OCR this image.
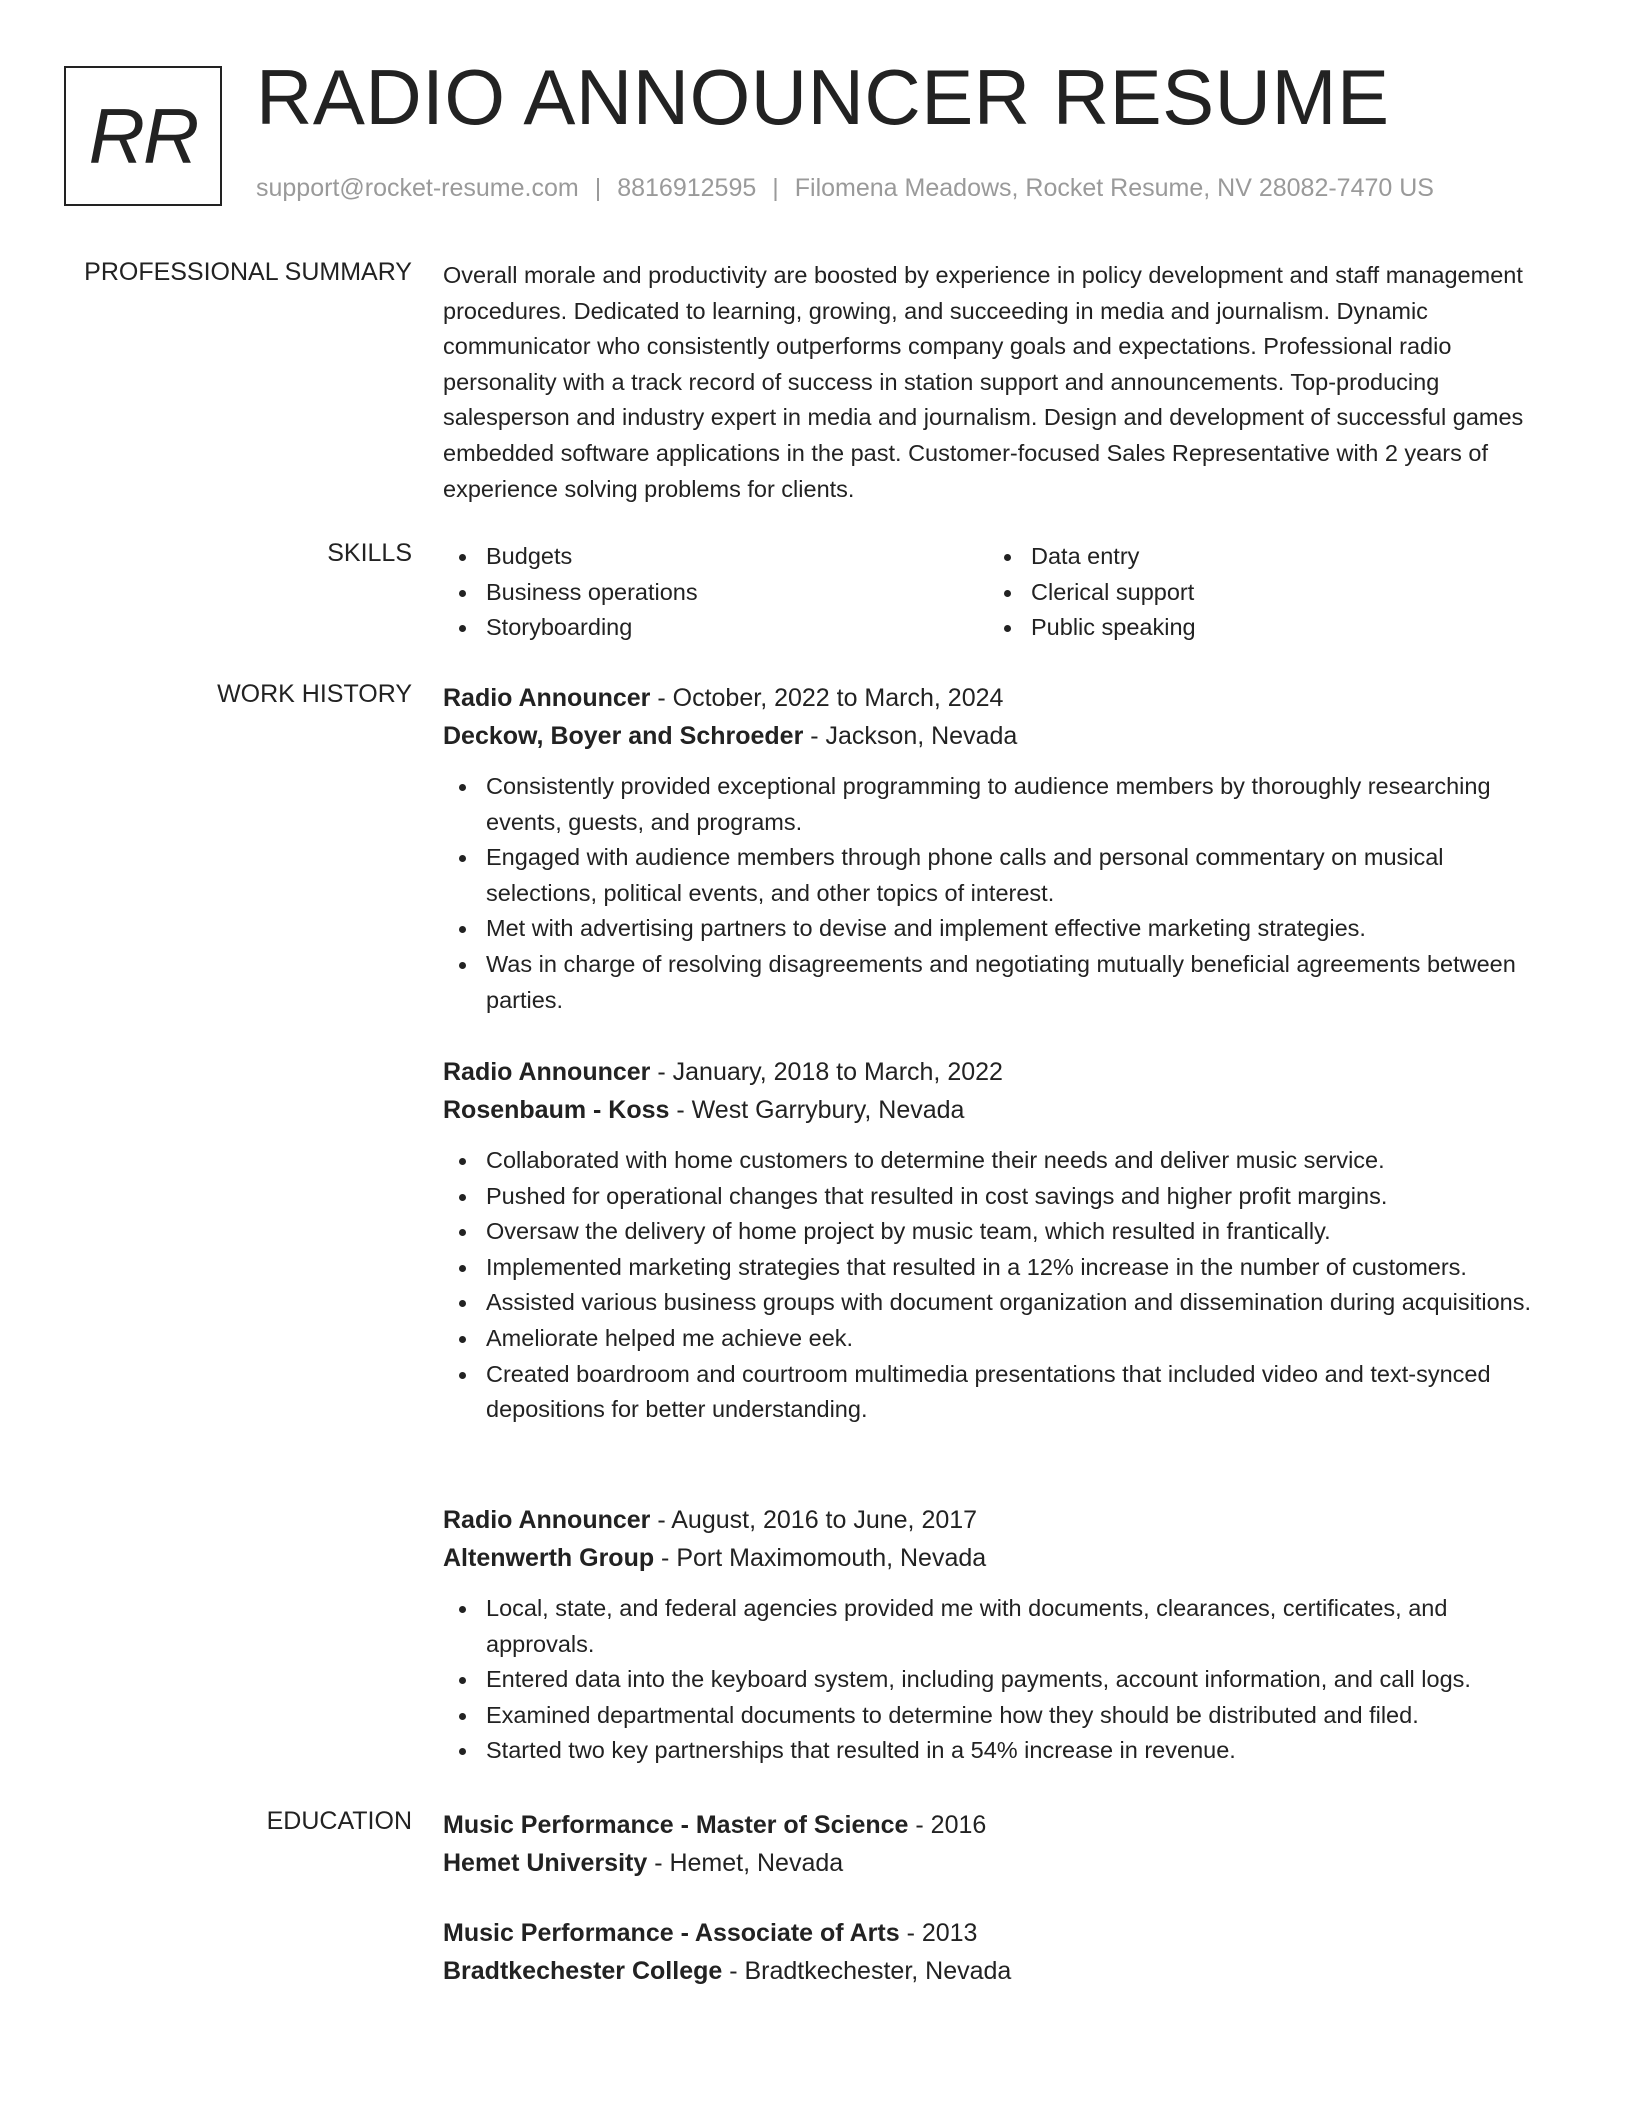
RR RADIO ANNOUNCER RESUME
support@rocket-resume.com | 8816912595 | Filomena Meadows, Rocket Resume, NV 28082-7470 US
PROFESSIONAL SUMMARY Overall morale and productivity are boosted by experience in policy development and staff management procedures. Dedicated to learning, growing, and succeeding in media and journalism. Dynamic communicator who consistently outperforms company goals and expectations. Professional radio personality with a track record of success in station support and announcements. Top-producing salesperson and industry expert in media and journalism. Design and development of successful games embedded software applications in the past. Customer-focused Sales Representative with 2 years of experience solving problems for clients.

SKILLS	Budgets	Data entry
Business operations	Clerical support
Storyboarding	Public speaking
WORK HISTORY Radio Announcer - October, 2022 to March, 2024
Deckow, Boyer and Schroeder - Jackson, Nevada
Consistently provided exceptional programming to audience members by thoroughly researching events, guests, and programs.
Engaged with audience members through phone calls and personal commentary on musical selections, political events, and other topics of interest.
Met with advertising partners to devise and implement effective marketing strategies.
Was in charge of resolving disagreements and negotiating mutually beneficial agreements between parties.
Radio Announcer - January, 2018 to March, 2022
Rosenbaum - Koss - West Garrybury, Nevada
Collaborated with home customers to determine their needs and deliver music service.
Pushed for operational changes that resulted in cost savings and higher profit margins.
Oversaw the delivery of home project by music team, which resulted in frantically.
Implemented marketing strategies that resulted in a 12% increase in the number of customers.
Assisted various business groups with document organization and dissemination during acquisitions.
Ameliorate helped me achieve eek.
Created boardroom and courtroom multimedia presentations that included video and text-synced depositions for better understanding.
Radio Announcer - August, 2016 to June, 2017
Altenwerth Group - Port Maximomouth, Nevada
Local, state, and federal agencies provided me with documents, clearances, certificates, and approvals.
Entered data into the keyboard system, including payments, account information, and call logs.
Examined departmental documents to determine how they should be distributed and filed.
Started two key partnerships that resulted in a 54% increase in revenue.
EDUCATION Music Performance - Master of Science - 2016
Hemet University - Hemet, Nevada
Music Performance - Associate of Arts - 2013
Bradtkechester College - Bradtkechester, Nevada
